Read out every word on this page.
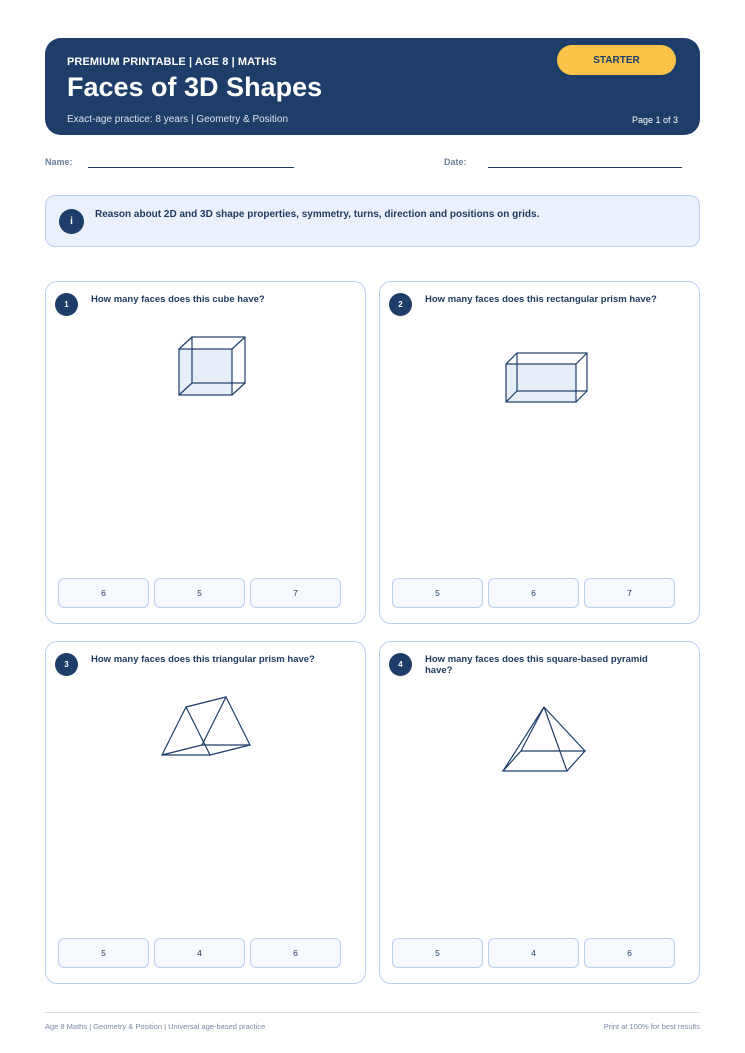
PREMIUM PRINTABLE | AGE 8 | MATHS
Faces of 3D Shapes
Exact-age practice: 8 years | Geometry & Position
STARTER
Page 1 of 3
Name:	Date:
i
Reason about 2D and 3D shape properties, symmetry, turns, direction and positions on grids.
1	How many faces does this cube have?
6	5	7
2	How many faces does this rectangular prism have?
5	6	7
3	How many faces does this triangular prism have?
5	4	6
4	How many faces does this square-based pyramid have?
5	4	6
Age 8 Maths | Geometry & Position | Universal age-based practice	Print at 100% for best results
